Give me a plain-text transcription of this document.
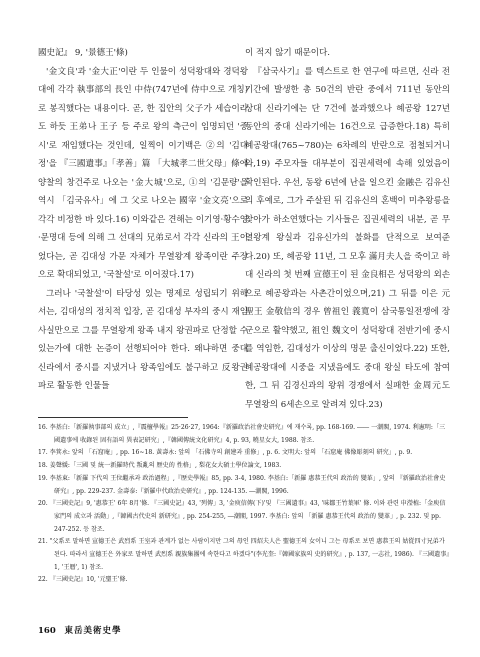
國史記』 9, '景德王'條)

'金文良'과 '金大正'이란 두 인물이 성덕왕대와 경덕왕대에 각각 執事部의 長인 中侍(747년에 侍中으로 개칭)로 봉직했다는 내용이다. 곧, 한 집안의 父子가 세습이라도 하듯 王弟나 王子 등 주로 왕의 측근이 임명되던 '중시'로 재임했다는 것인데, 일찍이 이기백은 ②의 '김대정'을 『三國遺事』「孝善」篇 「大城孝二世父母」條에 양찰의 창건주로 나오는 '金大城'으로, ①의 '김문량'을 역시 「김국유사」에 그 父로 나오는 國宰 '金文亮'으로 각각 비정한 바 있다.16) 이와같은 견해는 이기영·황수영·문명대 등에 의해 그 선대의 兄弟로서 각각 신라의 王이었다는, 곧 김대성 가문 자체가 무열왕계 왕족이란 주장으로 확대되었고, '국찰설'로 이어졌다.17)

그러나 '국찰설'이 타당성 있는 명제로 성립되기 위해서는, 김대성의 정치적 입장, 곧 김대성 부자의 중시 재임 사실만으로 그를 무열왕계 왕족 내지 왕권파로 단정할 수 있는가에 대한 논증이 선행되어야 한다. 왜냐하면 중대 신라에서 중시를 지냈거나 왕족임에도 불구하고 反왕권파로 활동한 인물들

이 적지 않기 때문이다.

『삼국사기』를 텍스트로 한 연구에 따르면, 신라 전 기간에 발생한 총 50건의 반란 중에서 711년 동안의 상대 신라기에는 단 7건에 불과했으나 혜공왕 127년 동안의 중대 신라기에는 16건으로 급증한다.18) 특히 혜공왕대(765~780)는 6차례의 반란으로 점철되거니와,19) 주모자들 대부분이 집권세력에 속해 있었음이 확인된다. 우선, 동왕 6년에 난을 일으킨 金融은 김유신의 후예로, 그가 주살된 뒤 김유신의 혼백이 미추왕릉을 찾아가 하소연했다는 기사들은 집권세력의 내분, 곧 무열왕계 왕실과 김유신가의 불화를 단적으로 보여준다.20) 또, 혜공왕 11년, 그 모후 滿月夫人을 죽이고 하대 신라의 첫 번째 宣德王이 된 金良相은 성덕왕의 외손으로 혜공왕과는 사촌간이었으며,21) 그 뒤를 이은 元聖王 金敬信의 경우 曾祖인 義寬이 삼국통일전쟁에 장군으로 활약했고, 祖인 魏文이 성덕왕대 전반기에 중시를 역임한, 김대성가 이상의 명문 출신이었다.22) 또한, 혜공왕대에 시중을 지냈음에도 중대 왕실 타도에 참여한, 그 뒤 김경신과의 왕위 경쟁에서 실패한 金周元도 무열왕의 6세손으로 알려져 있다.23)

16. 李基白:「新羅執事部의 成立」,『震檀學報』25·26·27, 1964:『新羅政治社會史研究』에 재수록, pp. 168-169. ―― 一潮閣, 1974. 利憲明:「三國遺事에 收錄된 固有語의 異表記研究」,『韓國傳統文化研究』4, p. 93, 曉星女大, 1988. 참조.

17. 李箕永: 앞의 「石窟庵」, pp. 16~18. 黃壽永: 앞의 「石佛寺의 創建과 重修」, p. 6. 文明大: 앞의 「石窟庵 佛像彫刻의 研究」, p. 9.

18. 姜聲媛:「三國 및 統一新羅時代 叛亂의 歷史的 性格」, 梨花女大碩士學位論文, 1983.

19. 李基東:「新羅 下代의 王位繼承과 政治過程」,『歷史學報』85, pp. 3-4, 1980. 李基白:「新羅 惠恭王代의 政治的 變革」, 앞의 『新羅政治社會史研究』, pp. 229-237. 金壽泰:『新羅中代政治史研究』, pp. 124-135. ―潮閣, 1996.

20. 『三國史記』9, '惠恭王' 6年 8月'條. 『三國史記』43, '列傳」3, '金庾信傳(下)'및 『三國遺事』43, '味鄒王竹葉軍' 條. 이와 관련 申瀅植:「金庾信家門의 成立과 活動」,『韓國古代史의 新研究』, pp. 254-255, ―潮閣, 1997. 李基白: 앞의 「新羅 惠恭王代의 政治的 變革」, p. 232. 및 pp. 247-252. 등 참조.

21. "父系로 말하면 宣德王은 武烈系 王室과 관계가 없는 사람이지만 그의 母인 四炤夫人은 聖德王의 女이니 그는 母系로 보면 惠恭王의 姑從四寸兄弟가 된다. 따라서 宣德王은 外家로 말하면 武烈系 親族集團에 속한다고 하겠다"(李光奎:『韓國家族의 史的研究』, p. 137, 一志社, 1986). 『三國遺事』1, '王曆', 1) 참조.

22. 『三國史記』10, '元聖王'條.

160 東岳美術史學
